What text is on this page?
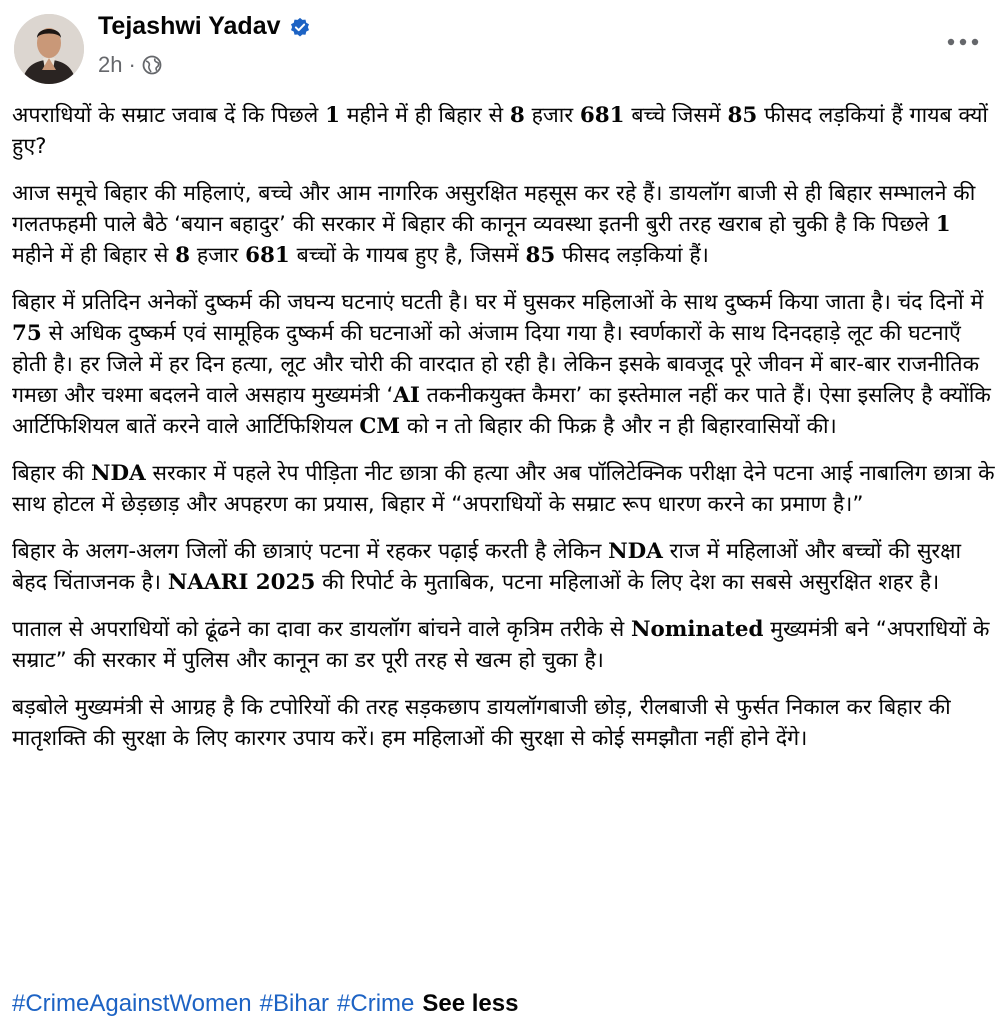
Tejashwi Yadav
2h ·

अपराधियों के सम्राट जवाब दें कि पिछले 1 महीने में ही बिहार से 8 हजार 681 बच्चे जिसमें 85 फीसद लड़कियां हैं गायब क्यों हुए?

आज समूचे बिहार की महिलाएं, बच्चे और आम नागरिक असुरक्षित महसूस कर रहे हैं। डायलॉग बाजी से ही बिहार सम्भालने की गलतफहमी पाले बैठे ‘बयान बहादुर’ की सरकार में बिहार की कानून व्यवस्था इतनी बुरी तरह खराब हो चुकी है कि पिछले 1 महीने में ही बिहार से 8 हजार 681 बच्चों के गायब हुए है, जिसमें 85 फीसद लड़कियां हैं।

बिहार में प्रतिदिन अनेकों दुष्कर्म की जघन्य घटनाएं घटती है। घर में घुसकर महिलाओं के साथ दुष्कर्म किया जाता है। चंद दिनों में 75 से अधिक दुष्कर्म एवं सामूहिक दुष्कर्म की घटनाओं को अंजाम दिया गया है। स्वर्णकारों के साथ दिनदहाड़े लूट की घटनाएँ होती है। हर जिले में हर दिन हत्या, लूट और चोरी की वारदात हो रही है। लेकिन इसके बावजूद पूरे जीवन में बार-बार राजनीतिक गमछा और चश्मा बदलने वाले असहाय मुख्यमंत्री ‘AI तकनीकयुक्त कैमरा’ का इस्तेमाल नहीं कर पाते हैं। ऐसा इसलिए है क्योंकि आर्टिफिशियल बातें करने वाले आर्टिफिशियल CM को न तो बिहार की फिक्र है और न ही बिहारवासियों की।

बिहार की NDA सरकार में पहले रेप पीड़िता नीट छात्रा की हत्या और अब पॉलिटेक्निक परीक्षा देने पटना आई नाबालिग छात्रा के साथ होटल में छेड़छाड़ और अपहरण का प्रयास, बिहार में “अपराधियों के सम्राट रूप धारण करने का प्रमाण है।”

बिहार के अलग-अलग जिलों की छात्राएं पटना में रहकर पढ़ाई करती है लेकिन NDA राज में महिलाओं और बच्चों की सुरक्षा बेहद चिंताजनक है। NAARI 2025 की रिपोर्ट के मुताबिक, पटना महिलाओं के लिए देश का सबसे असुरक्षित शहर है।

पाताल से अपराधियों को ढूंढने का दावा कर डायलॉग बांचने वाले कृत्रिम तरीके से Nominated मुख्यमंत्री बने “अपराधियों के सम्राट” की सरकार में पुलिस और कानून का डर पूरी तरह से खत्म हो चुका है।

बड़बोले मुख्यमंत्री से आग्रह है कि टपोरियों की तरह सड़कछाप डायलॉगबाजी छोड़, रीलबाजी से फुर्सत निकाल कर बिहार की मातृशक्ति की सुरक्षा के लिए कारगर उपाय करें। हम महिलाओं की सुरक्षा से कोई समझौता नहीं होने देंगे।

#CrimeAgainstWomen #Bihar #Crime See less
